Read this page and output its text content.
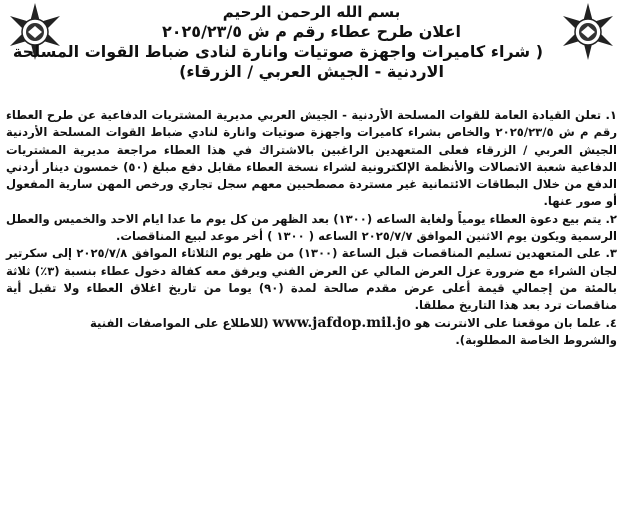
بسم الله الرحمن الرحيم
اعلان طرح عطاء رقم م ش ٢٠٢٥/٢٣/٥
( شراء كاميرات واجهزة صوتيات وانارة لنادى ضباط القوات المسلحة
الاردنية - الجيش العربي / الزرقاء)

١. تعلن القيادة العامة للقوات المسلحة الأردنية - الجيش العربي مديرية المشتريات الدفاعية عن طرح العطاء رقم م ش ٢٠٢٥/٢٣/٥ والخاص بشراء كاميرات واجهزة صوتيات وانارة لنادي ضباط القوات المسلحة الأردنية الجيش العربي / الزرقاء فعلى المتعهدين الراغبين بالاشتراك في هذا العطاء مراجعة مديرية المشتريات الدفاعية شعبة الاتصالات والأنظمة الإلكترونية لشراء نسخة العطاء مقابل دفع مبلغ (٥٠) خمسون دينار أردني الدفع من خلال البطاقات الائتمانية غير مستردة مصطحبين معهم سجل تجاري ورخص المهن سارية المفعول أو صور عنها.

٢. يتم بيع دعوة العطاء يومياً ولغاية الساعه (١٣٠٠) بعد الظهر من كل يوم ما عدا ايام الاحد والخميس والعطل الرسمية ويكون يوم الاثنين الموافق ٢٠٢٥/٧/٧ الساعه ( ١٣٠٠ ) أخر موعد لبيع المناقصات.

٣. على المتعهدين تسليم المناقصات قبل الساعة (١٣٠٠) من ظهر يوم الثلاثاء الموافق ٢٠٢٥/٧/٨ إلى سكرتير لجان الشراء مع ضرورة عزل العرض المالي عن العرض الفني ويرفق معه كفالة دخول عطاء بنسبة (٣٪) ثلاثة بالمئة من إجمالي قيمة أعلى عرض مقدم صالحة لمدة (٩٠) يوما من تاريخ اغلاق العطاء ولا تقبل أية مناقصات ترد بعد هذا التاريخ مطلقا.

٤. علما بان موقعنا على الانترنت هو www.jafdop.mil.jo (للاطلاع على المواصفات الفنية

والشروط الخاصة المطلوبة).
